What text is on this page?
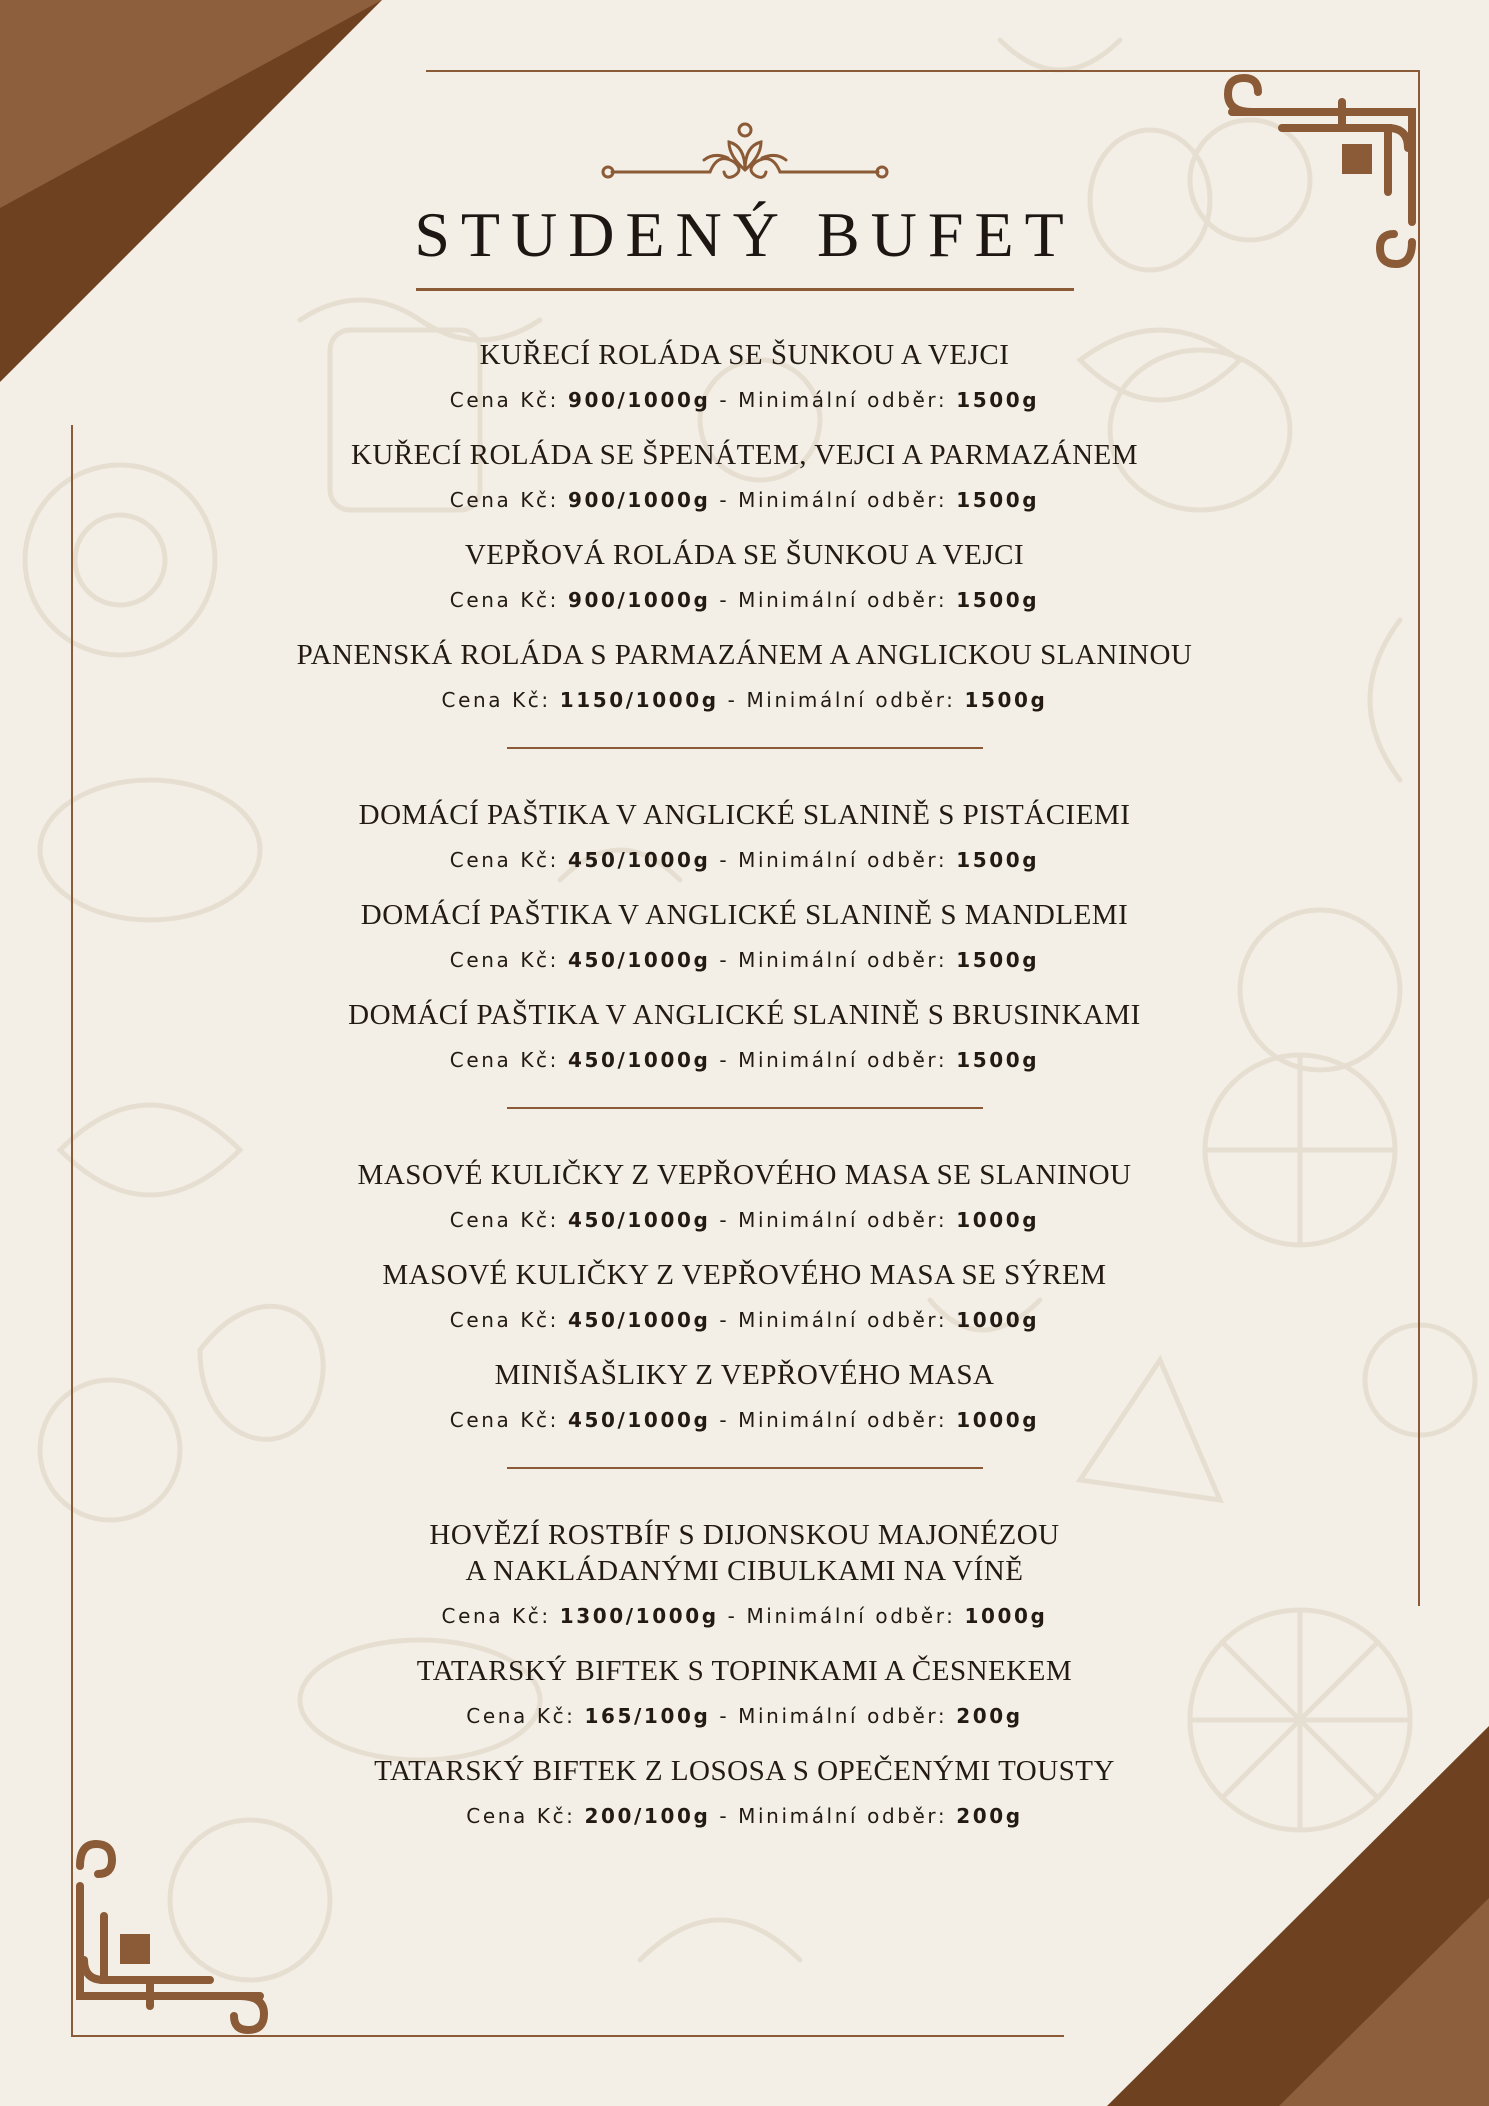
STUDENÝ BUFET
KUŘECÍ ROLÁDA SE ŠUNKOU A VEJCI
Cena Kč: 900/1000g - Minimální odběr: 1500g
KUŘECÍ ROLÁDA SE ŠPENÁTEM, VEJCI A PARMAZÁNEM
Cena Kč: 900/1000g - Minimální odběr: 1500g
VEPŘOVÁ ROLÁDA SE ŠUNKOU A VEJCI
Cena Kč: 900/1000g - Minimální odběr: 1500g
PANENSKÁ ROLÁDA S PARMAZÁNEM A ANGLICKOU SLANINOU
Cena Kč: 1150/1000g - Minimální odběr: 1500g
DOMÁCÍ PAŠTIKA V ANGLICKÉ SLANINĚ S PISTÁCIEMI
Cena Kč: 450/1000g - Minimální odběr: 1500g
DOMÁCÍ PAŠTIKA V ANGLICKÉ SLANINĚ S MANDLEMI
Cena Kč: 450/1000g - Minimální odběr: 1500g
DOMÁCÍ PAŠTIKA V ANGLICKÉ SLANINĚ S BRUSINKAMI
Cena Kč: 450/1000g - Minimální odběr: 1500g
MASOVÉ KULIČKY Z VEPŘOVÉHO MASA SE SLANINOU
Cena Kč: 450/1000g - Minimální odběr: 1000g
MASOVÉ KULIČKY Z VEPŘOVÉHO MASA SE SÝREM
Cena Kč: 450/1000g - Minimální odběr: 1000g
MINIŠAŠLIKY Z VEPŘOVÉHO MASA
Cena Kč: 450/1000g - Minimální odběr: 1000g
HOVĚZÍ ROSTBÍF S DIJONSKOU MAJONÉZOU
A NAKLÁDANÝMI CIBULKAMI NA VÍNĚ
Cena Kč: 1300/1000g - Minimální odběr: 1000g
TATARSKÝ BIFTEK S TOPINKAMI A ČESNEKEM
Cena Kč: 165/100g - Minimální odběr: 200g
TATARSKÝ BIFTEK Z LOSOSA S OPEČENÝMI TOUSTY
Cena Kč: 200/100g - Minimální odběr: 200g
